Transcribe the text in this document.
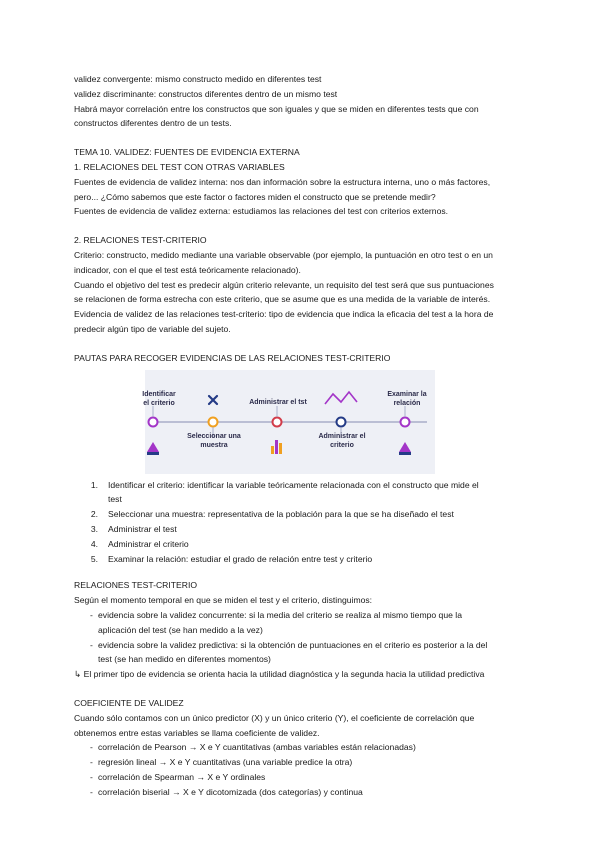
validez convergente: mismo constructo medido en diferentes test

validez discriminante: constructos diferentes dentro de un mismo test

Habrá mayor correlación entre los constructos que son iguales y que se miden en diferentes tests que con

constructos diferentes dentro de un tests.

TEMA 10. VALIDEZ: FUENTES DE EVIDENCIA EXTERNA

1. RELACIONES DEL TEST CON OTRAS VARIABLES

Fuentes de evidencia de validez interna: nos dan información sobre la estructura interna, uno o más factores,

pero... ¿Cómo sabemos que este factor o factores miden el constructo que se pretende medir?

Fuentes de evidencia de validez externa: estudiamos las relaciones del test con criterios externos.

2. RELACIONES TEST-CRITERIO

Criterio: constructo, medido mediante una variable observable (por ejemplo, la puntuación en otro test o en un

indicador, con el que el test está teóricamente relacionado).

Cuando el objetivo del test es predecir algún criterio relevante, un requisito del test será que sus puntuaciones

se relacionen de forma estrecha con este criterio, que se asume que es una medida de la variable de interés.

Evidencia de validez de las relaciones test-criterio: tipo de evidencia que indica la eficacia del test a la hora de

predecir algún tipo de variable del sujeto.

PAUTAS PARA RECOGER EVIDENCIAS DE LAS RELACIONES TEST-CRITERIO

Identificar el criterio
Seleccionar una muestra
Administrar el tst
Administrar el criterio
Examinar la relación
1.	Identificar el criterio: identificar la variable teóricamente relacionada con el constructo que mide el
test
2.	Seleccionar una muestra: representativa de la población para la que se ha diseñado el test
3.	Administrar el test
4.	Administrar el criterio
5.	Examinar la relación: estudiar el grado de relación entre test y criterio

RELACIONES TEST-CRITERIO

Según el momento temporal en que se miden el test y el criterio, distinguimos:

- evidencia sobre la validez concurrente: si la media del criterio se realiza al mismo tiempo que la
aplicación del test (se han medido a la vez)
- evidencia sobre la validez predictiva: si la obtención de puntuaciones en el criterio es posterior a la del
test (se han medido en diferentes momentos)

↳ El primer tipo de evidencia se orienta hacia la utilidad diagnóstica y la segunda hacia la utilidad predictiva

COEFICIENTE DE VALIDEZ

Cuando sólo contamos con un único predictor (X) y un único criterio (Y), el coeficiente de correlación que

obtenemos entre estas variables se llama coeficiente de validez.

- correlación de Pearson → X e Y cuantitativas (ambas variables están relacionadas)
- regresión lineal → X e Y cuantitativas (una variable predice la otra)
- correlación de Spearman → X e Y ordinales
- correlación biserial → X e Y dicotomizada (dos categorías) y continua
